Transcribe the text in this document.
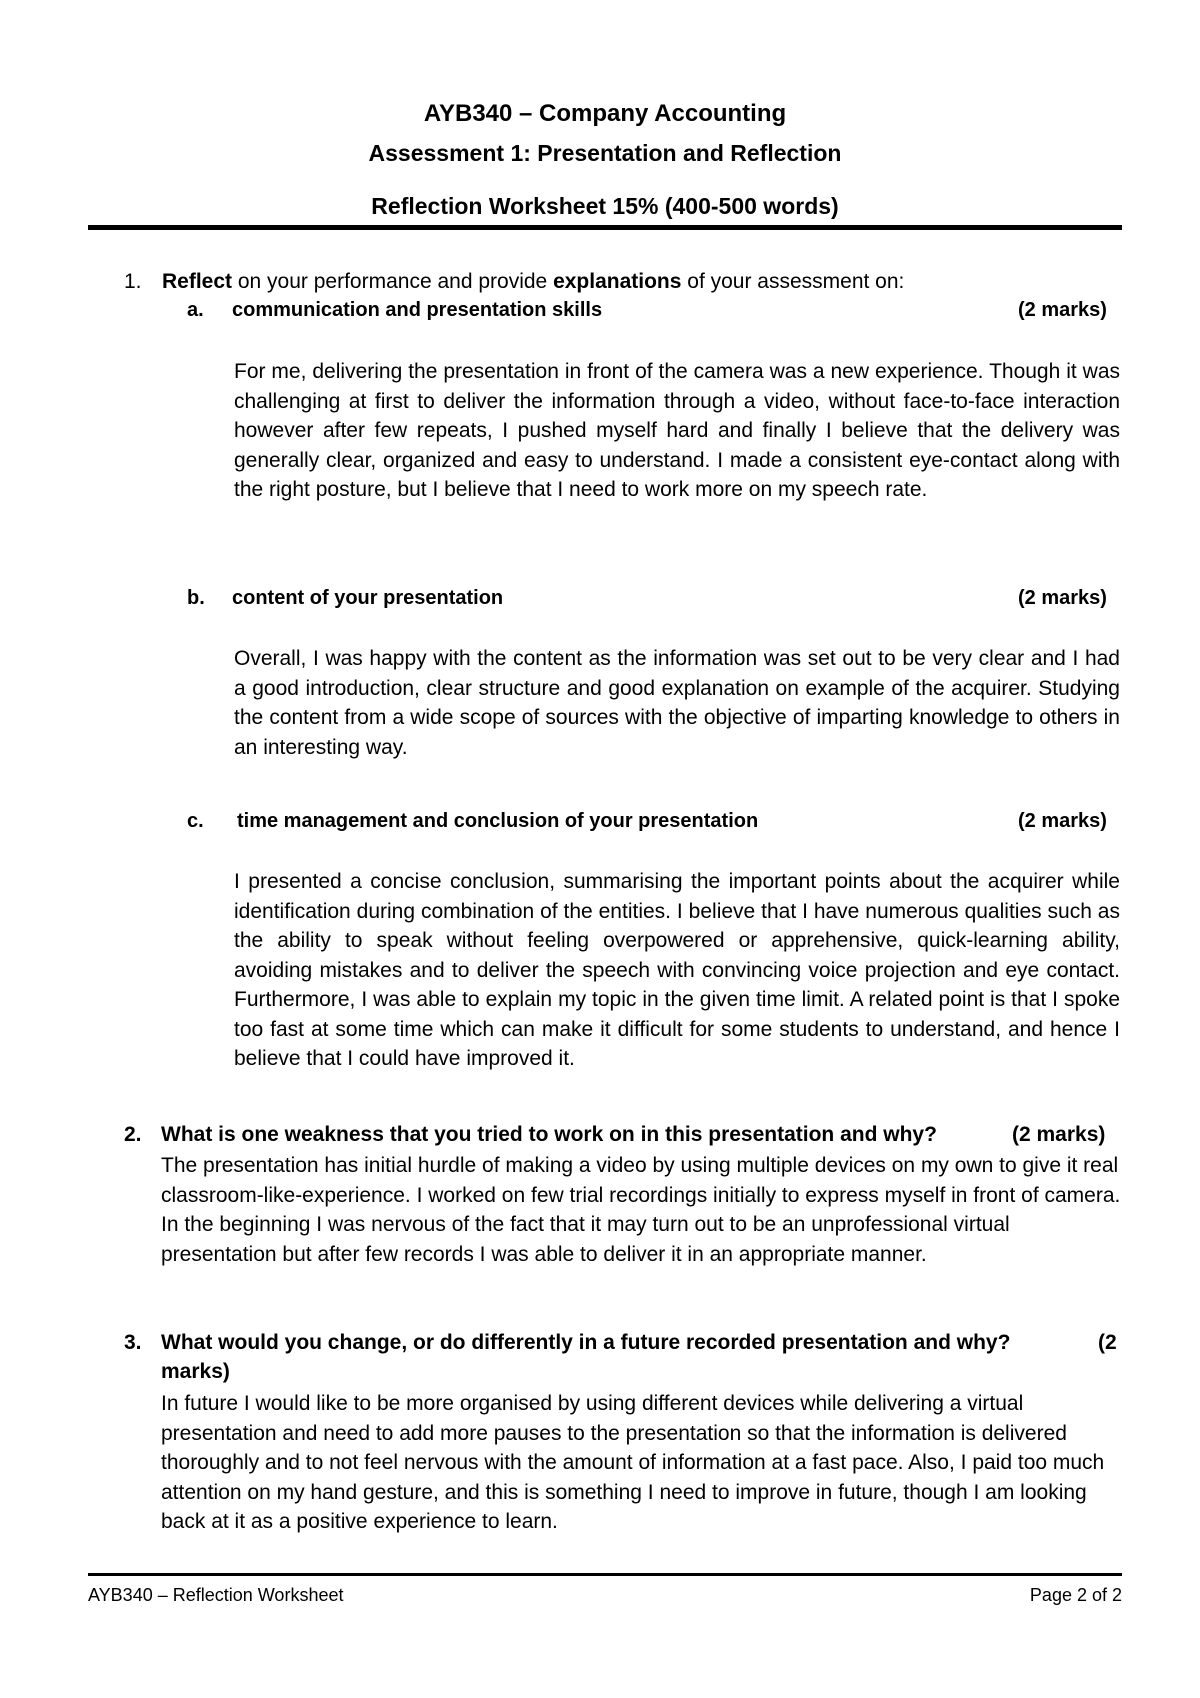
AYB340 – Company Accounting
Assessment 1: Presentation and Reflection
Reflection Worksheet 15% (400-500 words)
1. Reflect on your performance and provide explanations of your assessment on:
a. communication and presentation skills	(2 marks)
For me, delivering the presentation in front of the camera was a new experience. Though it was challenging at first to deliver the information through a video, without face-to-face interaction however after few repeats, I pushed myself hard and finally I believe that the delivery was generally clear, organized and easy to understand. I made a consistent eye-contact along with the right posture, but I believe that I need to work more on my speech rate.
b. content of your presentation	(2 marks)
Overall, I was happy with the content as the information was set out to be very clear and I had a good introduction, clear structure and good explanation on example of the acquirer. Studying the content from a wide scope of sources with the objective of imparting knowledge to others in an interesting way.
c. time management and conclusion of your presentation	(2 marks)
I presented a concise conclusion, summarising the important points about the acquirer while identification during combination of the entities. I believe that I have numerous qualities such as the ability to speak without feeling overpowered or apprehensive, quick-learning ability, avoiding mistakes and to deliver the speech with convincing voice projection and eye contact. Furthermore, I was able to explain my topic in the given time limit. A related point is that I spoke too fast at some time which can make it difficult for some students to understand, and hence I believe that I could have improved it.
2. What is one weakness that you tried to work on in this presentation and why?	(2 marks)
The presentation has initial hurdle of making a video by using multiple devices on my own to give it real classroom-like-experience. I worked on few trial recordings initially to express myself in front of camera. In the beginning I was nervous of the fact that it may turn out to be an unprofessional virtual presentation but after few records I was able to deliver it in an appropriate manner.
3. What would you change, or do differently in a future recorded presentation and why?	(2
marks)
In future I would like to be more organised by using different devices while delivering a virtual presentation and need to add more pauses to the presentation so that the information is delivered thoroughly and to not feel nervous with the amount of information at a fast pace. Also, I paid too much attention on my hand gesture, and this is something I need to improve in future, though I am looking back at it as a positive experience to learn.
AYB340 – Reflection Worksheet	Page 2 of 2
